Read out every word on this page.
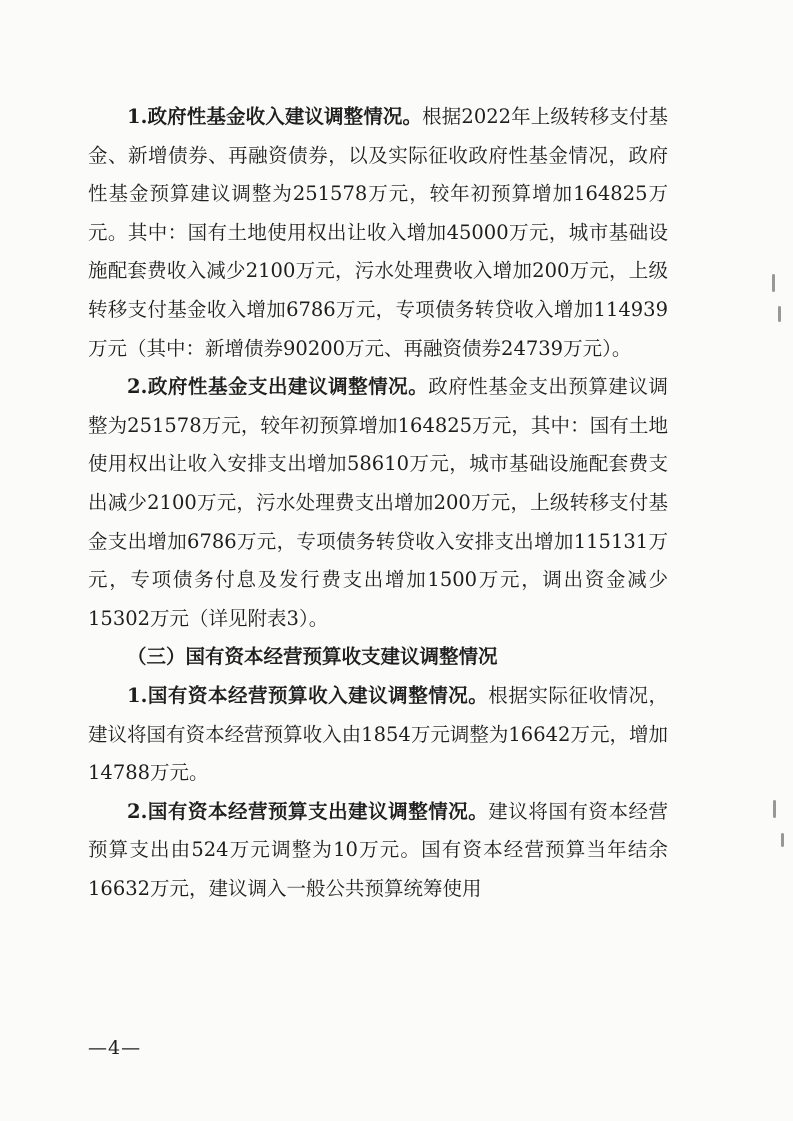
1.政府性基金收入建议调整情况。根据2022年上级转移支付基金、新增债券、再融资债券，以及实际征收政府性基金情况，政府性基金预算建议调整为251578万元，较年初预算增加164825万元。其中：国有土地使用权出让收入增加45000万元，城市基础设施配套费收入减少2100万元，污水处理费收入增加200万元，上级转移支付基金收入增加6786万元，专项债务转贷收入增加114939万元（其中：新增债券90200万元、再融资债券24739万元）。

2.政府性基金支出建议调整情况。政府性基金支出预算建议调整为251578万元，较年初预算增加164825万元，其中：国有土地使用权出让收入安排支出增加58610万元，城市基础设施配套费支出减少2100万元，污水处理费支出增加200万元，上级转移支付基金支出增加6786万元，专项债务转贷收入安排支出增加115131万元，专项债务付息及发行费支出增加1500万元，调出资金减少15302万元（详见附表3）。

（三）国有资本经营预算收支建议调整情况

1.国有资本经营预算收入建议调整情况。根据实际征收情况，建议将国有资本经营预算收入由1854万元调整为16642万元，增加14788万元。

2.国有资本经营预算支出建议调整情况。建议将国有资本经营预算支出由524万元调整为10万元。国有资本经营预算当年结余16632万元，建议调入一般公共预算统筹使用

—4—
